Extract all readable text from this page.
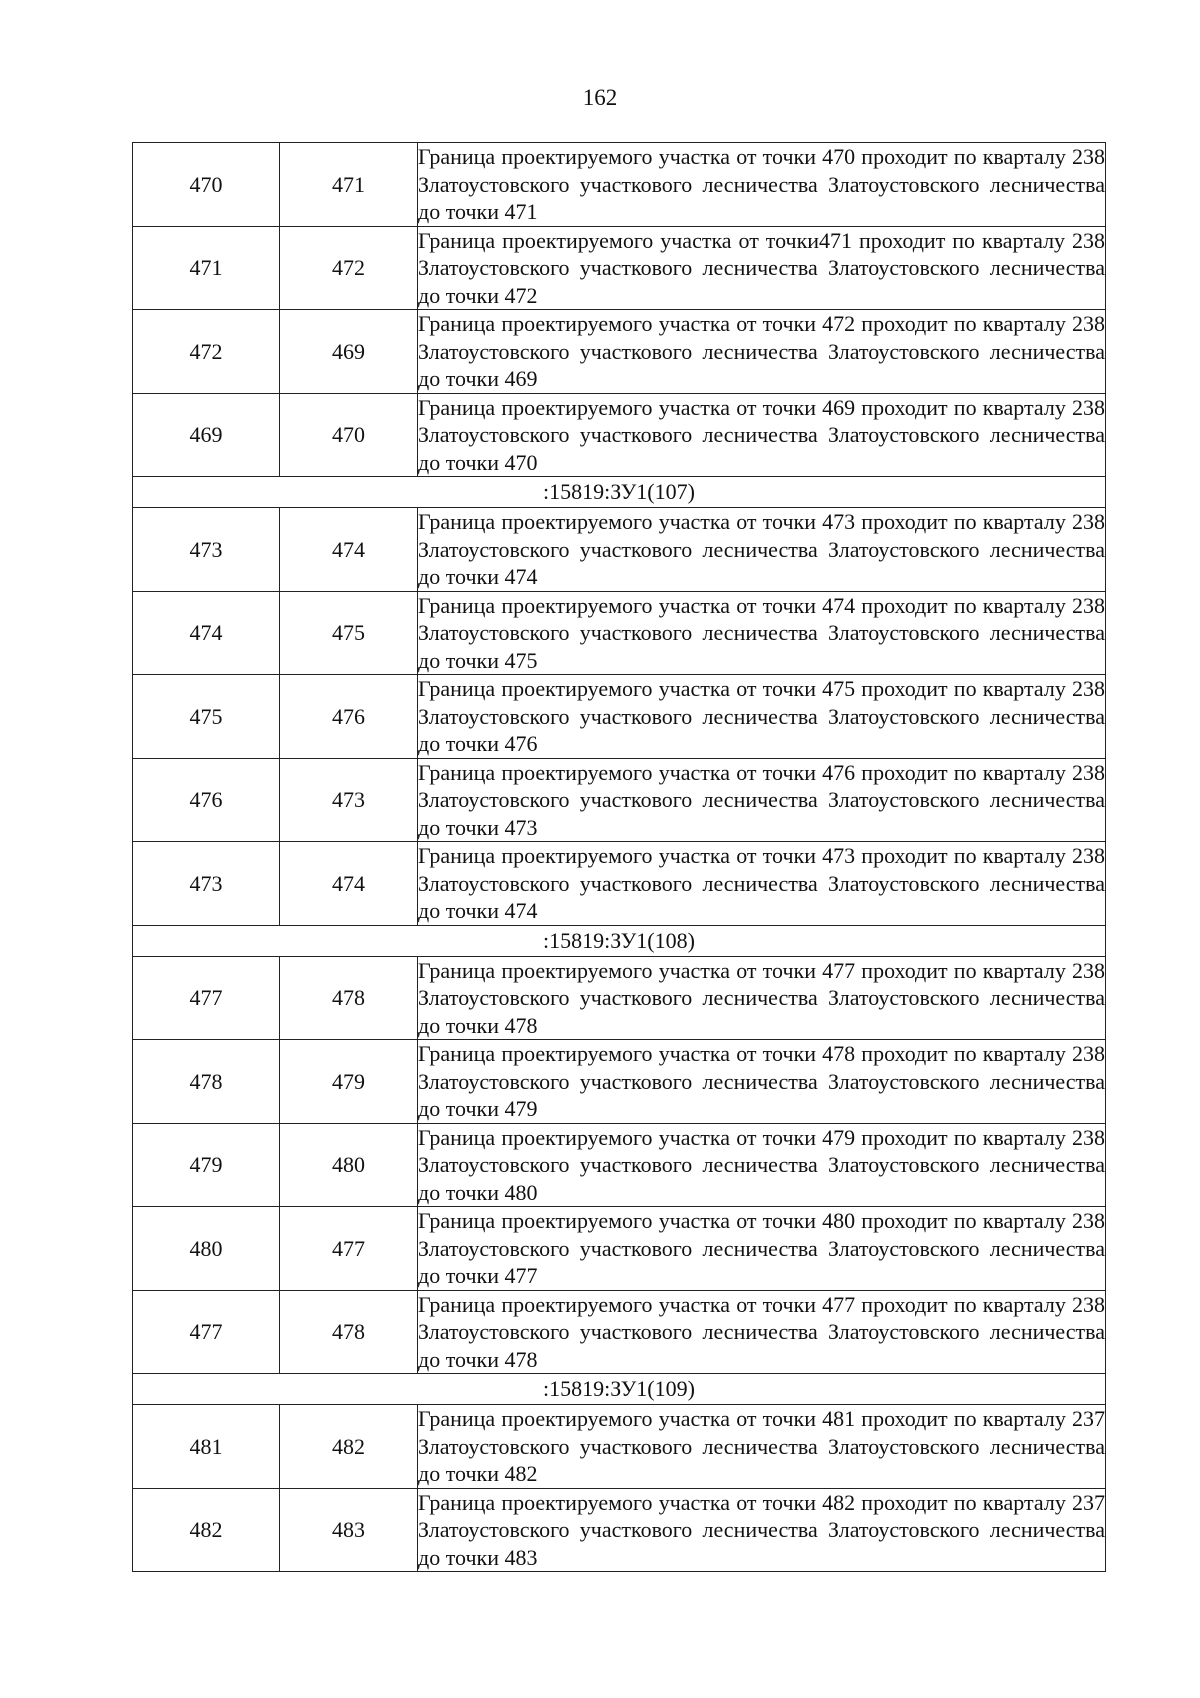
162
470	471	Граница проектируемого участка от точки 470 проходит по кварталу 238 Златоустовского участкового лесничества Златоустовского лесничества до точки 471
471	472	Граница проектируемого участка от точки471 проходит по кварталу 238 Златоустовского участкового лесничества Златоустовского лесничества до точки 472
472	469	Граница проектируемого участка от точки 472 проходит по кварталу 238 Златоустовского участкового лесничества Златоустовского лесничества до точки 469
469	470	Граница проектируемого участка от точки 469 проходит по кварталу 238 Златоустовского участкового лесничества Златоустовского лесничества до точки 470
:15819:ЗУ1(107)		
473	474	Граница проектируемого участка от точки 473 проходит по кварталу 238 Златоустовского участкового лесничества Златоустовского лесничества до точки 474
474	475	Граница проектируемого участка от точки 474 проходит по кварталу 238 Златоустовского участкового лесничества Златоустовского лесничества до точки 475
475	476	Граница проектируемого участка от точки 475 проходит по кварталу 238 Златоустовского участкового лесничества Златоустовского лесничества до точки 476
476	473	Граница проектируемого участка от точки 476 проходит по кварталу 238 Златоустовского участкового лесничества Златоустовского лесничества до точки 473
473	474	Граница проектируемого участка от точки 473 проходит по кварталу 238 Златоустовского участкового лесничества Златоустовского лесничества до точки 474
:15819:ЗУ1(108)		
477	478	Граница проектируемого участка от точки 477 проходит по кварталу 238 Златоустовского участкового лесничества Златоустовского лесничества до точки 478
478	479	Граница проектируемого участка от точки 478 проходит по кварталу 238 Златоустовского участкового лесничества Златоустовского лесничества до точки 479
479	480	Граница проектируемого участка от точки 479 проходит по кварталу 238 Златоустовского участкового лесничества Златоустовского лесничества до точки 480
480	477	Граница проектируемого участка от точки 480 проходит по кварталу 238 Златоустовского участкового лесничества Златоустовского лесничества до точки 477
477	478	Граница проектируемого участка от точки 477 проходит по кварталу 238 Златоустовского участкового лесничества Златоустовского лесничества до точки 478
:15819:ЗУ1(109)		
481	482	Граница проектируемого участка от точки 481 проходит по кварталу 237 Златоустовского участкового лесничества Златоустовского лесничества до точки 482
482	483	Граница проектируемого участка от точки 482 проходит по кварталу 237 Златоустовского участкового лесничества Златоустовского лесничества до точки 483
